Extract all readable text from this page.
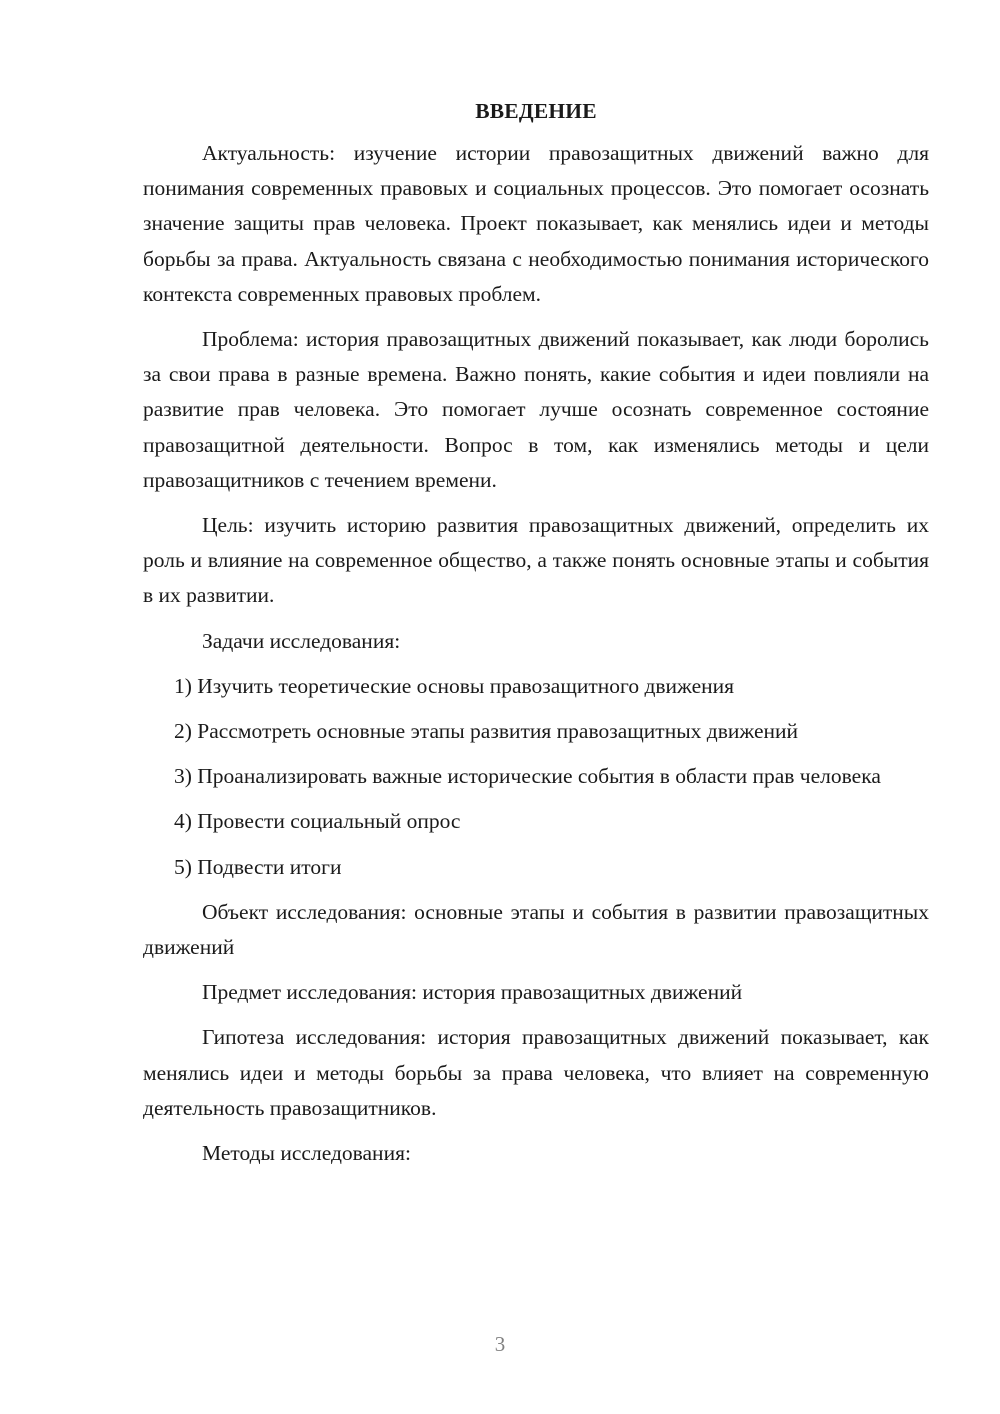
ВВЕДЕНИЕ

Актуальность: изучение истории правозащитных движений важно для понимания современных правовых и социальных процессов. Это помогает осознать значение защиты прав человека. Проект показывает, как менялись идеи и методы борьбы за права. Актуальность связана с необходимостью понимания исторического контекста современных правовых проблем.

Проблема: история правозащитных движений показывает, как люди боролись за свои права в разные времена. Важно понять, какие события и идеи повлияли на развитие прав человека. Это помогает лучше осознать современное состояние правозащитной деятельности. Вопрос в том, как изменялись методы и цели правозащитников с течением времени.

Цель: изучить историю развития правозащитных движений, определить их роль и влияние на современное общество, а также понять основные этапы и события в их развитии.

Задачи исследования:

1) Изучить теоретические основы правозащитного движения

2) Рассмотреть основные этапы развития правозащитных движений

3) Проанализировать важные исторические события в области прав человека

4) Провести социальный опрос

5) Подвести итоги

Объект исследования: основные этапы и события в развитии правозащитных движений

Предмет исследования: история правозащитных движений

Гипотеза исследования: история правозащитных движений показывает, как менялись идеи и методы борьбы за права человека, что влияет на современную деятельность правозащитников.

Методы исследования:

3
